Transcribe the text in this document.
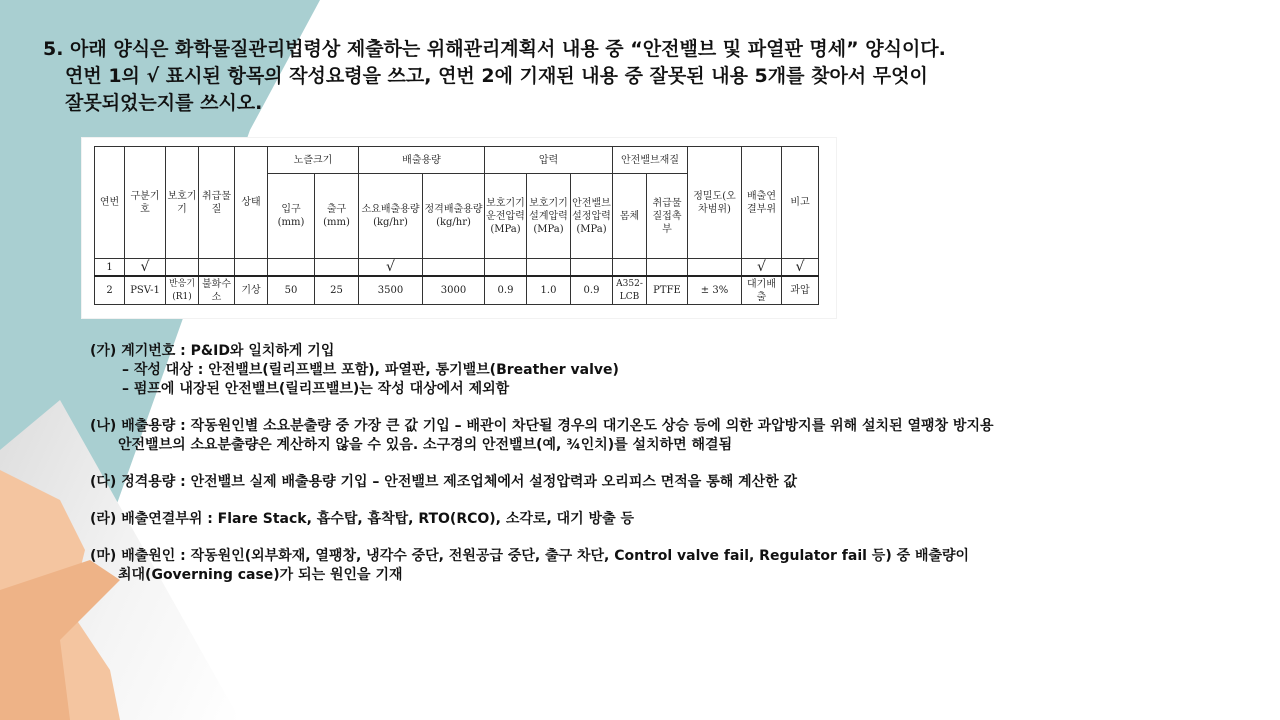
5. 아래 양식은 화학물질관리법령상 제출하는 위해관리계획서 내용 중 “안전밸브 및 파열판 명세” 양식이다.
연번 1의 √ 표시된 항목의 작성요령을 쓰고, 연번 2에 기재된 내용 중 잘못된 내용 5개를 찾아서 무엇이
잘못되었는지를 쓰시오.
연번	구분기호	보호기기	취급물질	상태	노즐크기		배출용량		압력			안전밸브재질		정밀도(오차범위)	배출연결부위	비고
					입구(mm)	출구(mm)	소요배출용량(kg/hr)	정격배출용량(kg/hr)	보호기기운전압력(MPa)	보호기기설계압력(MPa)	안전밸브설정압력(MPa)	몸체	취급물질접촉부			
1	√						√								√	√
2	PSV-1	반응기(R1)	불화수소	기상	50	25	3500	3000	0.9	1.0	0.9	A352-LCB	PTFE	± 3%	대기배출	과압
(가) 계기번호 : P&ID와 일치하게 기입
– 작성 대상 : 안전밸브(릴리프밸브 포함), 파열판, 통기밸브(Breather valve)
– 펌프에 내장된 안전밸브(릴리프밸브)는 작성 대상에서 제외함
(나) 배출용량 : 작동원인별 소요분출량 중 가장 큰 값 기입 – 배관이 차단될 경우의 대기온도 상승 등에 의한 과압방지를 위해 설치된 열팽창 방지용
안전밸브의 소요분출량은 계산하지 않을 수 있음. 소구경의 안전밸브(예, ¾인치)를 설치하면 해결됨
(다) 정격용량 : 안전밸브 실제 배출용량 기입 – 안전밸브 제조업체에서 설정압력과 오리피스 면적을 통해 계산한 값
(라) 배출연결부위 : Flare Stack, 흡수탑, 흡착탑, RTO(RCO), 소각로, 대기 방출 등
(마) 배출원인 : 작동원인(외부화재, 열팽창, 냉각수 중단, 전원공급 중단, 출구 차단, Control valve fail, Regulator fail 등) 중 배출량이
최대(Governing case)가 되는 원인을 기재
